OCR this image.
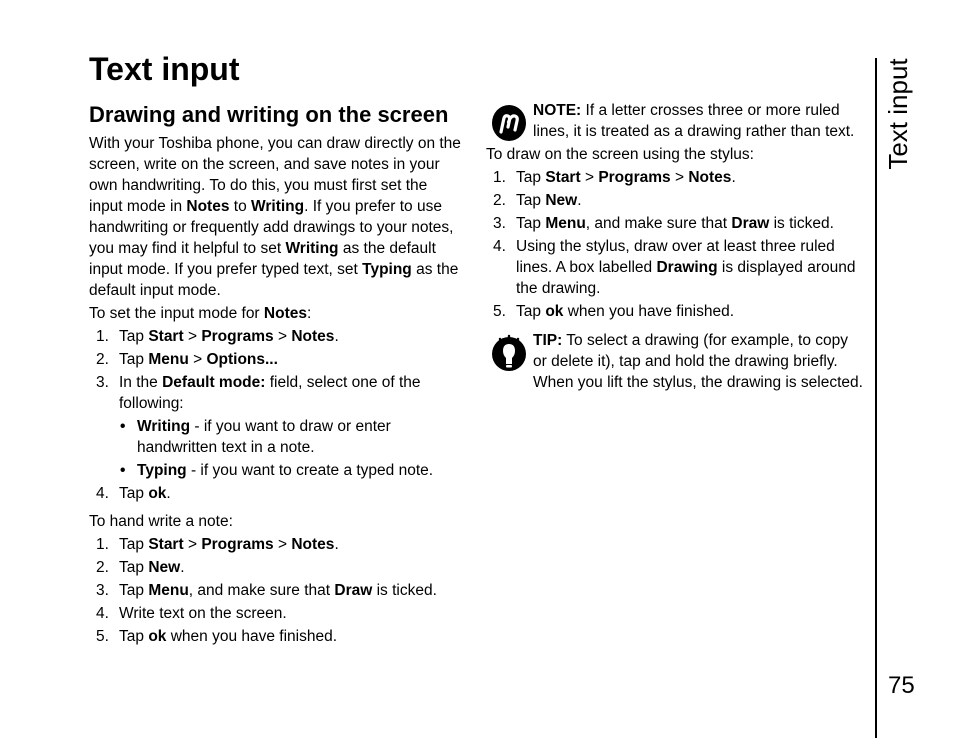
Text input
Drawing and writing on the screen

With your Toshiba phone, you can draw directly on the screen, write on the screen, and save notes in your own handwriting. To do this, you must first set the input mode in Notes to Writing. If you prefer to use handwriting or frequently add drawings to your notes, you may find it helpful to set Writing as the default input mode. If you prefer typed text, set Typing as the default input mode.

To set the input mode for Notes:

1. Tap Start > Programs > Notes.
2. Tap Menu > Options...
3. In the Default mode: field, select one of the following:
• Writing - if you want to draw or enter handwritten text in a note.
• Typing - if you want to create a typed note.
4. Tap ok.

To hand write a note:

1. Tap Start > Programs > Notes.
2. Tap New.
3. Tap Menu, and make sure that Draw is ticked.
4. Write text on the screen.
5. Tap ok when you have finished.
NOTE: If a letter crosses three or more ruled lines, it is treated as a drawing rather than text.

To draw on the screen using the stylus:

1. Tap Start > Programs > Notes.
2. Tap New.
3. Tap Menu, and make sure that Draw is ticked.
4. Using the stylus, draw over at least three ruled lines. A box labelled Drawing is displayed around the drawing.
5. Tap ok when you have finished.
TIP: To select a drawing (for example, to copy or delete it), tap and hold the drawing briefly. When you lift the stylus, the drawing is selected.
Text input
75
